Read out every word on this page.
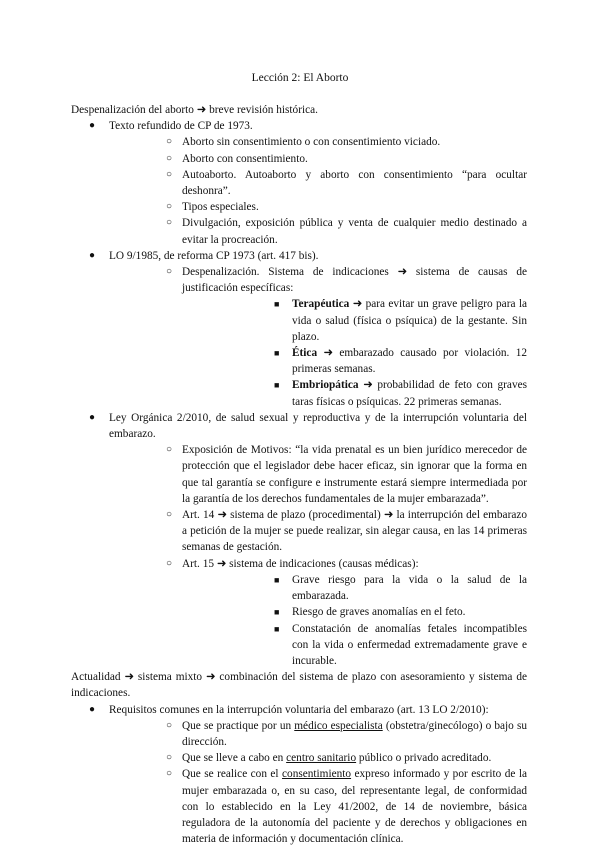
Lección 2: El Aborto

Despenalización del aborto ➜ breve revisión histórica.

● Texto refundido de CP de 1973.
○ Aborto sin consentimiento o con consentimiento viciado.
○ Aborto con consentimiento.
○ Autoaborto. Autoaborto y aborto con consentimiento “para ocultar deshonra”.
○ Tipos especiales.
○ Divulgación, exposición pública y venta de cualquier medio destinado a evitar la procreación.
● LO 9/1985, de reforma CP 1973 (art. 417 bis).
○ Despenalización. Sistema de indicaciones ➜ sistema de causas de justificación específicas:
■ Terapéutica ➜ para evitar un grave peligro para la vida o salud (física o psíquica) de la gestante. Sin plazo.
■ Ética ➜ embarazado causado por violación. 12 primeras semanas.
■ Embriopática ➜ probabilidad de feto con graves taras físicas o psíquicas. 22 primeras semanas.
● Ley Orgánica 2/2010, de salud sexual y reproductiva y de la interrupción voluntaria del embarazo.
○ Exposición de Motivos: “la vida prenatal es un bien jurídico merecedor de protección que el legislador debe hacer eficaz, sin ignorar que la forma en que tal garantía se configure e instrumente estará siempre intermediada por la garantía de los derechos fundamentales de la mujer embarazada”.
○ Art. 14 ➜ sistema de plazo (procedimental) ➜ la interrupción del embarazo a petición de la mujer se puede realizar, sin alegar causa, en las 14 primeras semanas de gestación.
○ Art. 15 ➜ sistema de indicaciones (causas médicas):
■ Grave riesgo para la vida o la salud de la embarazada.
■ Riesgo de graves anomalías en el feto.
■ Constatación de anomalías fetales incompatibles con la vida o enfermedad extremadamente grave e incurable.

Actualidad ➜ sistema mixto ➜ combinación del sistema de plazo con asesoramiento y sistema de indicaciones.

● Requisitos comunes en la interrupción voluntaria del embarazo (art. 13 LO 2/2010):
○ Que se practique por un médico especialista (obstetra/ginecólogo) o bajo su dirección.
○ Que se lleve a cabo en centro sanitario público o privado acreditado.
○ Que se realice con el consentimiento expreso informado y por escrito de la mujer embarazada o, en su caso, del representante legal, de conformidad con lo establecido en la Ley 41/2002, de 14 de noviembre, básica reguladora de la autonomía del paciente y de derechos y obligaciones en materia de información y documentación clínica.
